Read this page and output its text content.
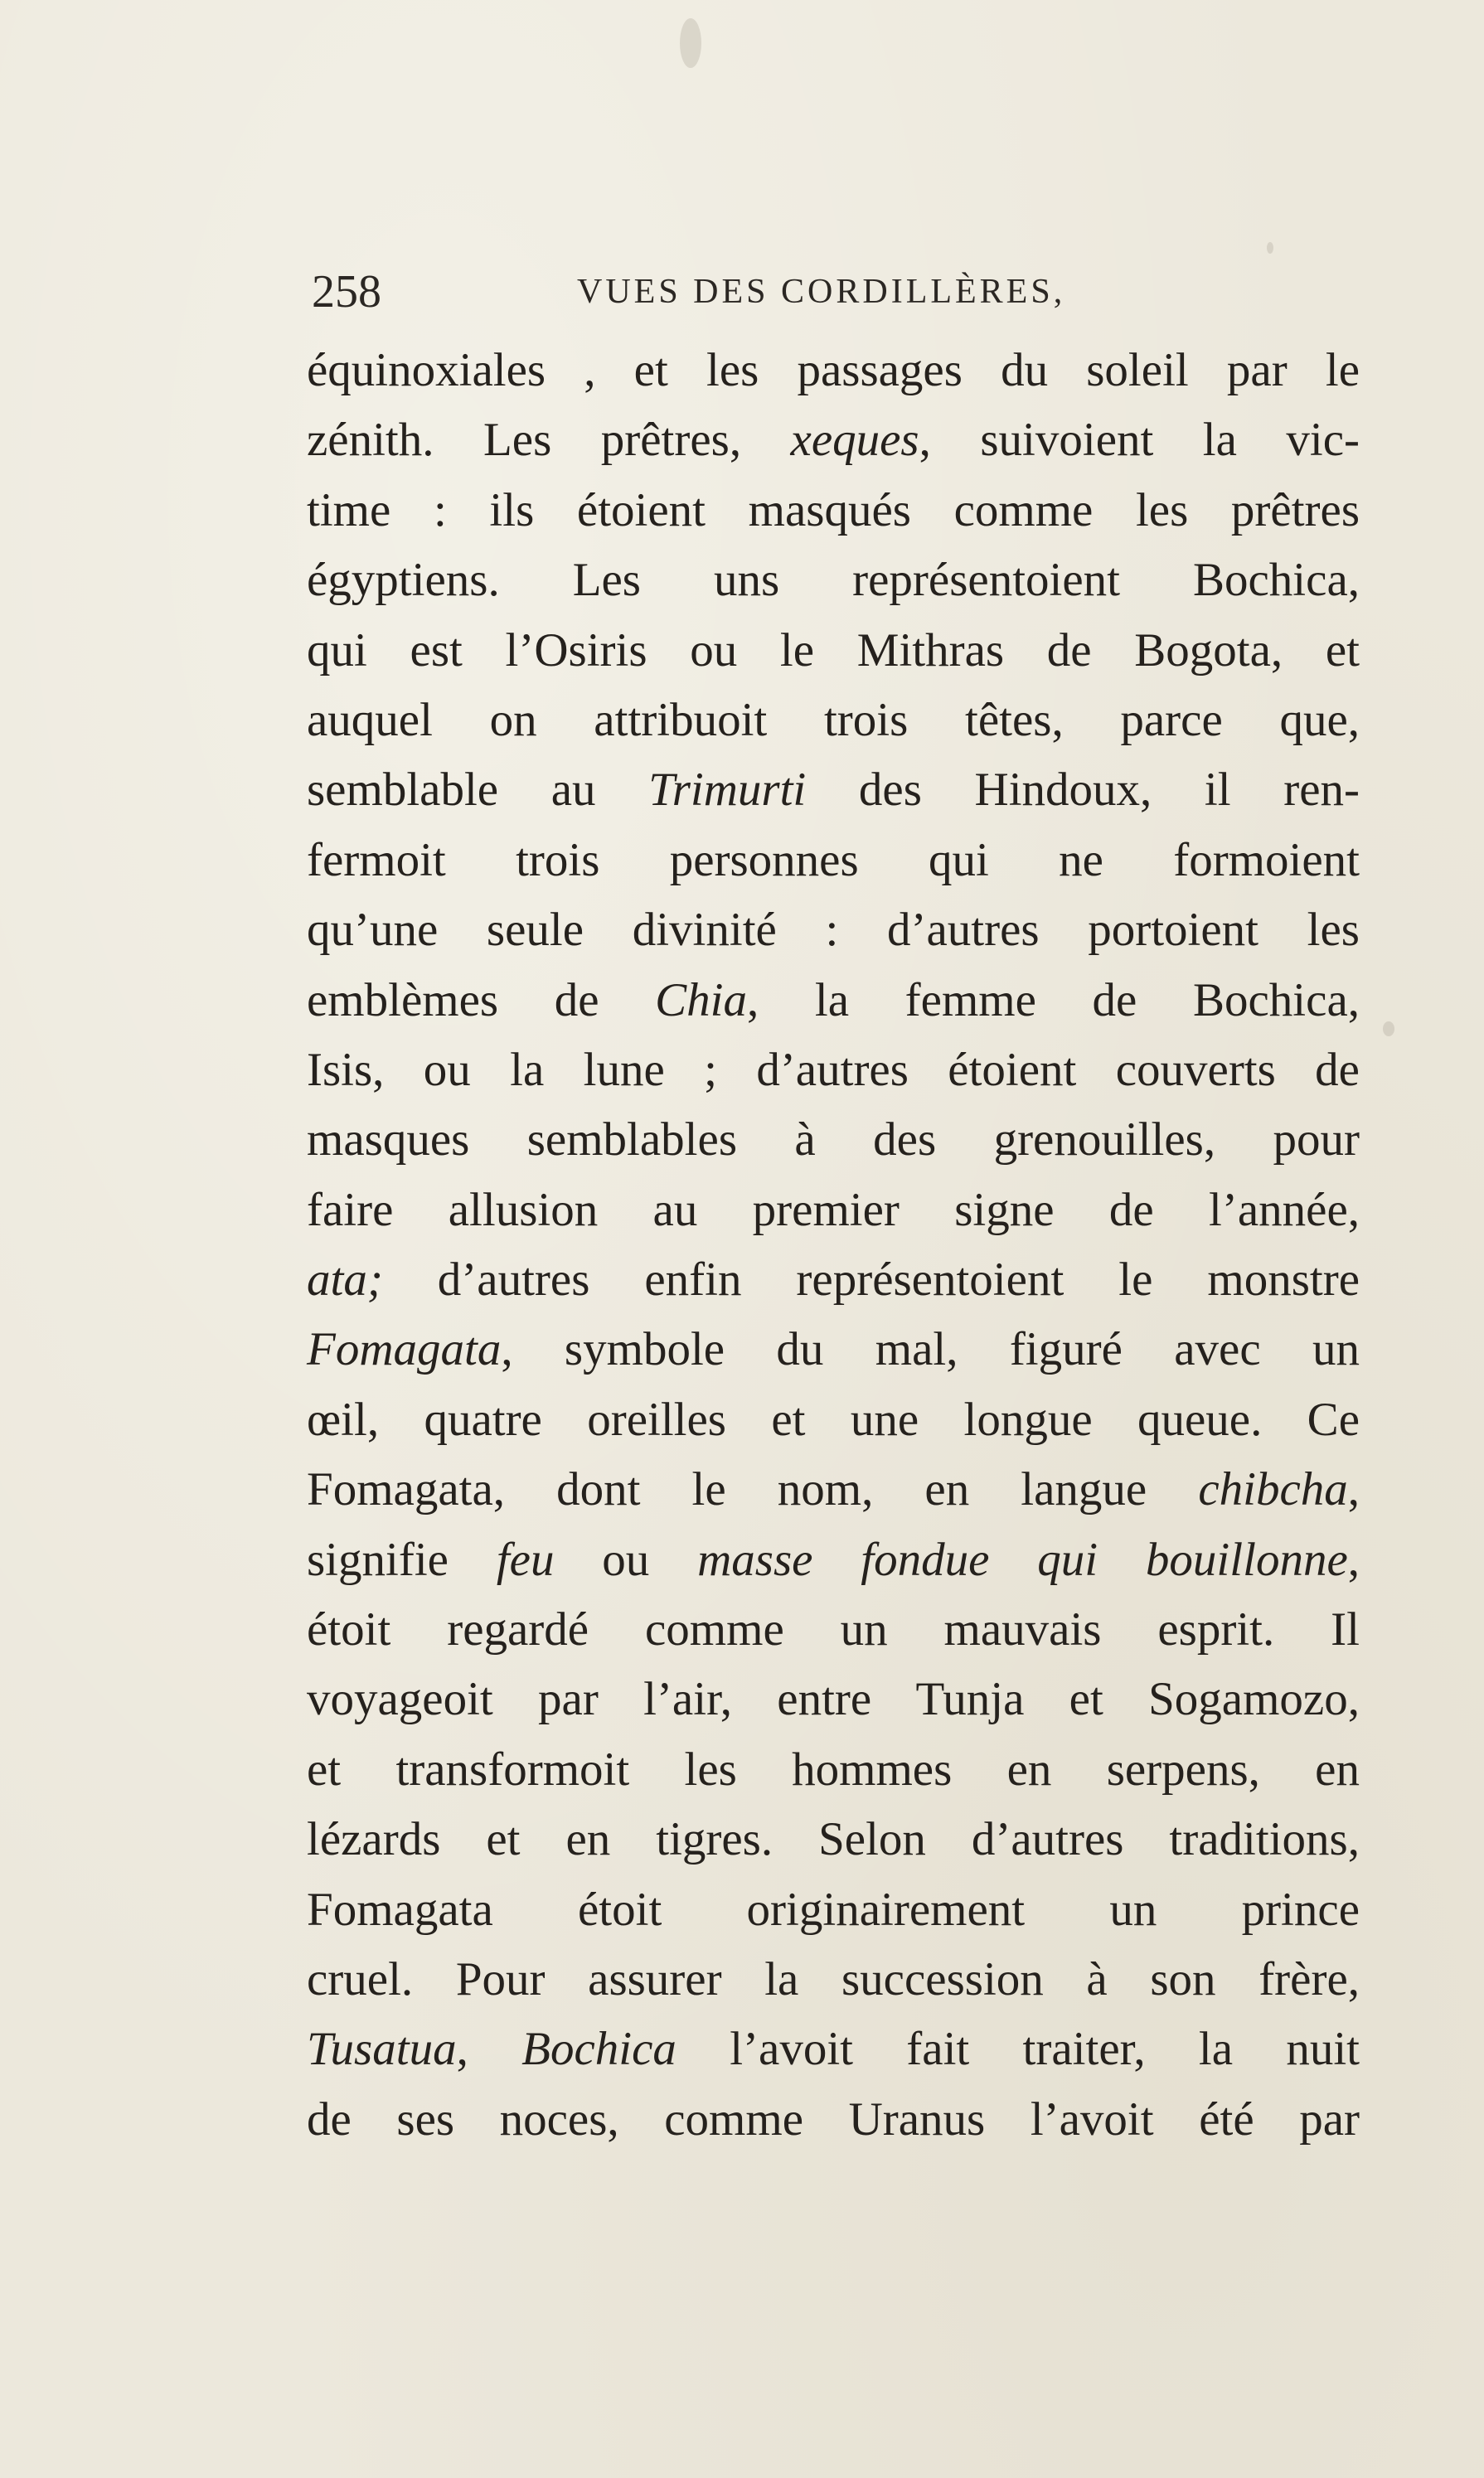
258	VUES DES CORDILLÈRES,
équinoxiales , et les passages du soleil par le
zénith. Les prêtres, xeques, suivoient la vic-
time : ils étoient masqués comme les prêtres
égyptiens. Les uns représentoient Bochica,
qui est l’Osiris ou le Mithras de Bogota, et
auquel on attribuoit trois têtes, parce que,
semblable au Trimurti des Hindoux, il ren-
fermoit trois personnes qui ne formoient
qu’une seule divinité : d’autres portoient les
emblèmes de Chia, la femme de Bochica,
Isis, ou la lune ; d’autres étoient couverts de
masques semblables à des grenouilles, pour
faire allusion au premier signe de l’année,
ata; d’autres enfin représentoient le monstre
Fomagata, symbole du mal, figuré avec un
œil, quatre oreilles et une longue queue. Ce
Fomagata, dont le nom, en langue chibcha,
signifie feu ou masse fondue qui bouillonne,
étoit regardé comme un mauvais esprit. Il
voyageoit par l’air, entre Tunja et Sogamozo,
et transformoit les hommes en serpens, en
lézards et en tigres. Selon d’autres traditions,
Fomagata étoit originairement un prince
cruel. Pour assurer la succession à son frère,
Tusatua, Bochica l’avoit fait traiter, la nuit
de ses noces, comme Uranus l’avoit été par
